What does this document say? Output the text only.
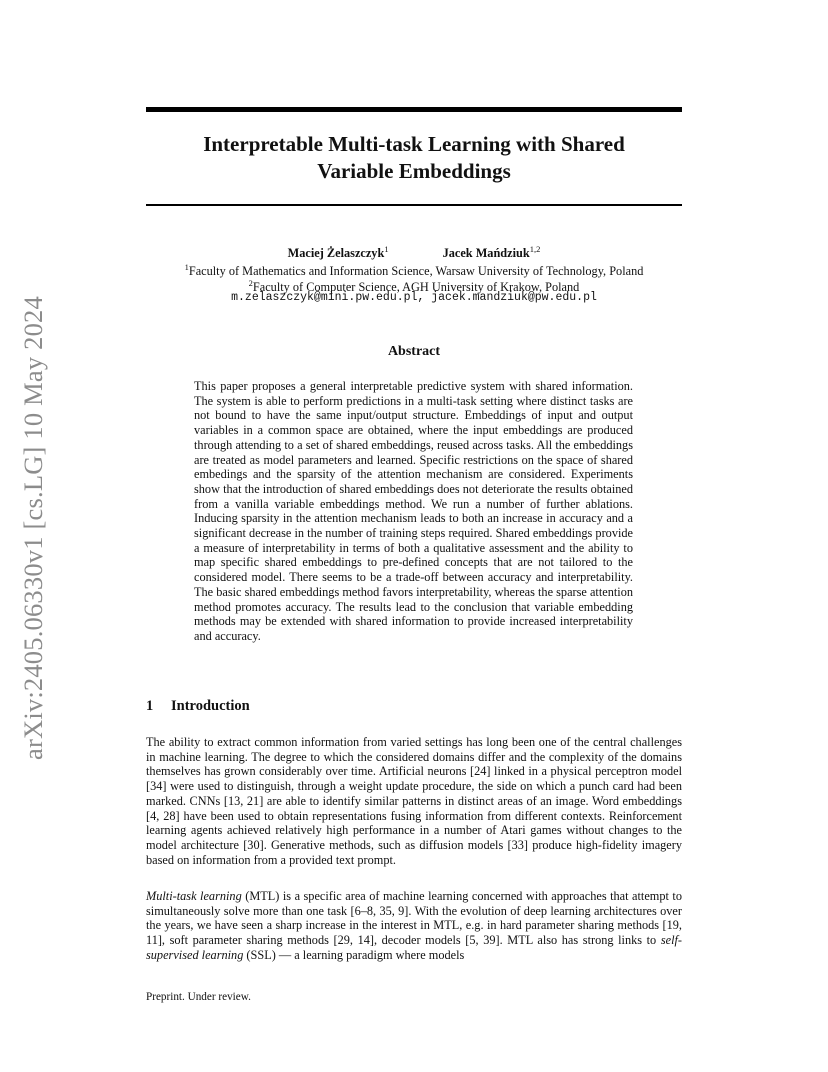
arXiv:2405.06330v1 [cs.LG] 10 May 2024
Interpretable Multi-task Learning with Shared
Variable Embeddings
Maciej Żelaszczyk$^1$	Jacek Mańdziuk$^{1,2}$
$^1$Faculty of Mathematics and Information Science, Warsaw University of Technology, Poland
$^2$Faculty of Computer Science, AGH University of Krakow, Poland
m.zelaszczyk@mini.pw.edu.pl, jacek.mandziuk@pw.edu.pl
Abstract
This paper proposes a general interpretable predictive system with shared information. The system is able to perform predictions in a multi-task setting where distinct tasks are not bound to have the same input/output structure. Embeddings of input and output variables in a common space are obtained, where the input embeddings are produced through attending to a set of shared embeddings, reused across tasks. All the embeddings are treated as model parameters and learned. Specific restrictions on the space of shared embedings and the sparsity of the attention mechanism are considered. Experiments show that the introduction of shared embeddings does not deteriorate the results obtained from a vanilla variable embeddings method. We run a number of further ablations. Inducing sparsity in the attention mechanism leads to both an increase in accuracy and a significant decrease in the number of training steps required. Shared embeddings provide a measure of interpretability in terms of both a qualitative assessment and the ability to map specific shared embeddings to pre-defined concepts that are not tailored to the considered model. There seems to be a trade-off between accuracy and interpretability. The basic shared embeddings method favors interpretability, whereas the sparse attention method promotes accuracy. The results lead to the conclusion that variable embedding methods may be extended with shared information to provide increased interpretability and accuracy.
1 Introduction
The ability to extract common information from varied settings has long been one of the central challenges in machine learning. The degree to which the considered domains differ and the complexity of the domains themselves has grown considerably over time. Artificial neurons [24] linked in a physical perceptron model [34] were used to distinguish, through a weight update procedure, the side on which a punch card had been marked. CNNs [13, 21] are able to identify similar patterns in distinct areas of an image. Word embeddings [4, 28] have been used to obtain representations fusing information from different contexts. Reinforcement learning agents achieved relatively high performance in a number of Atari games without changes to the model architecture [30]. Generative methods, such as diffusion models [33] produce high-fidelity imagery based on information from a provided text prompt.
Multi-task learning (MTL) is a specific area of machine learning concerned with approaches that attempt to simultaneously solve more than one task [6–8, 35, 9]. With the evolution of deep learning architectures over the years, we have seen a sharp increase in the interest in MTL, e.g. in hard parameter sharing methods [19, 11], soft parameter sharing methods [29, 14], decoder models [5, 39]. MTL also has strong links to self-supervised learning (SSL) — a learning paradigm where models
Preprint. Under review.
